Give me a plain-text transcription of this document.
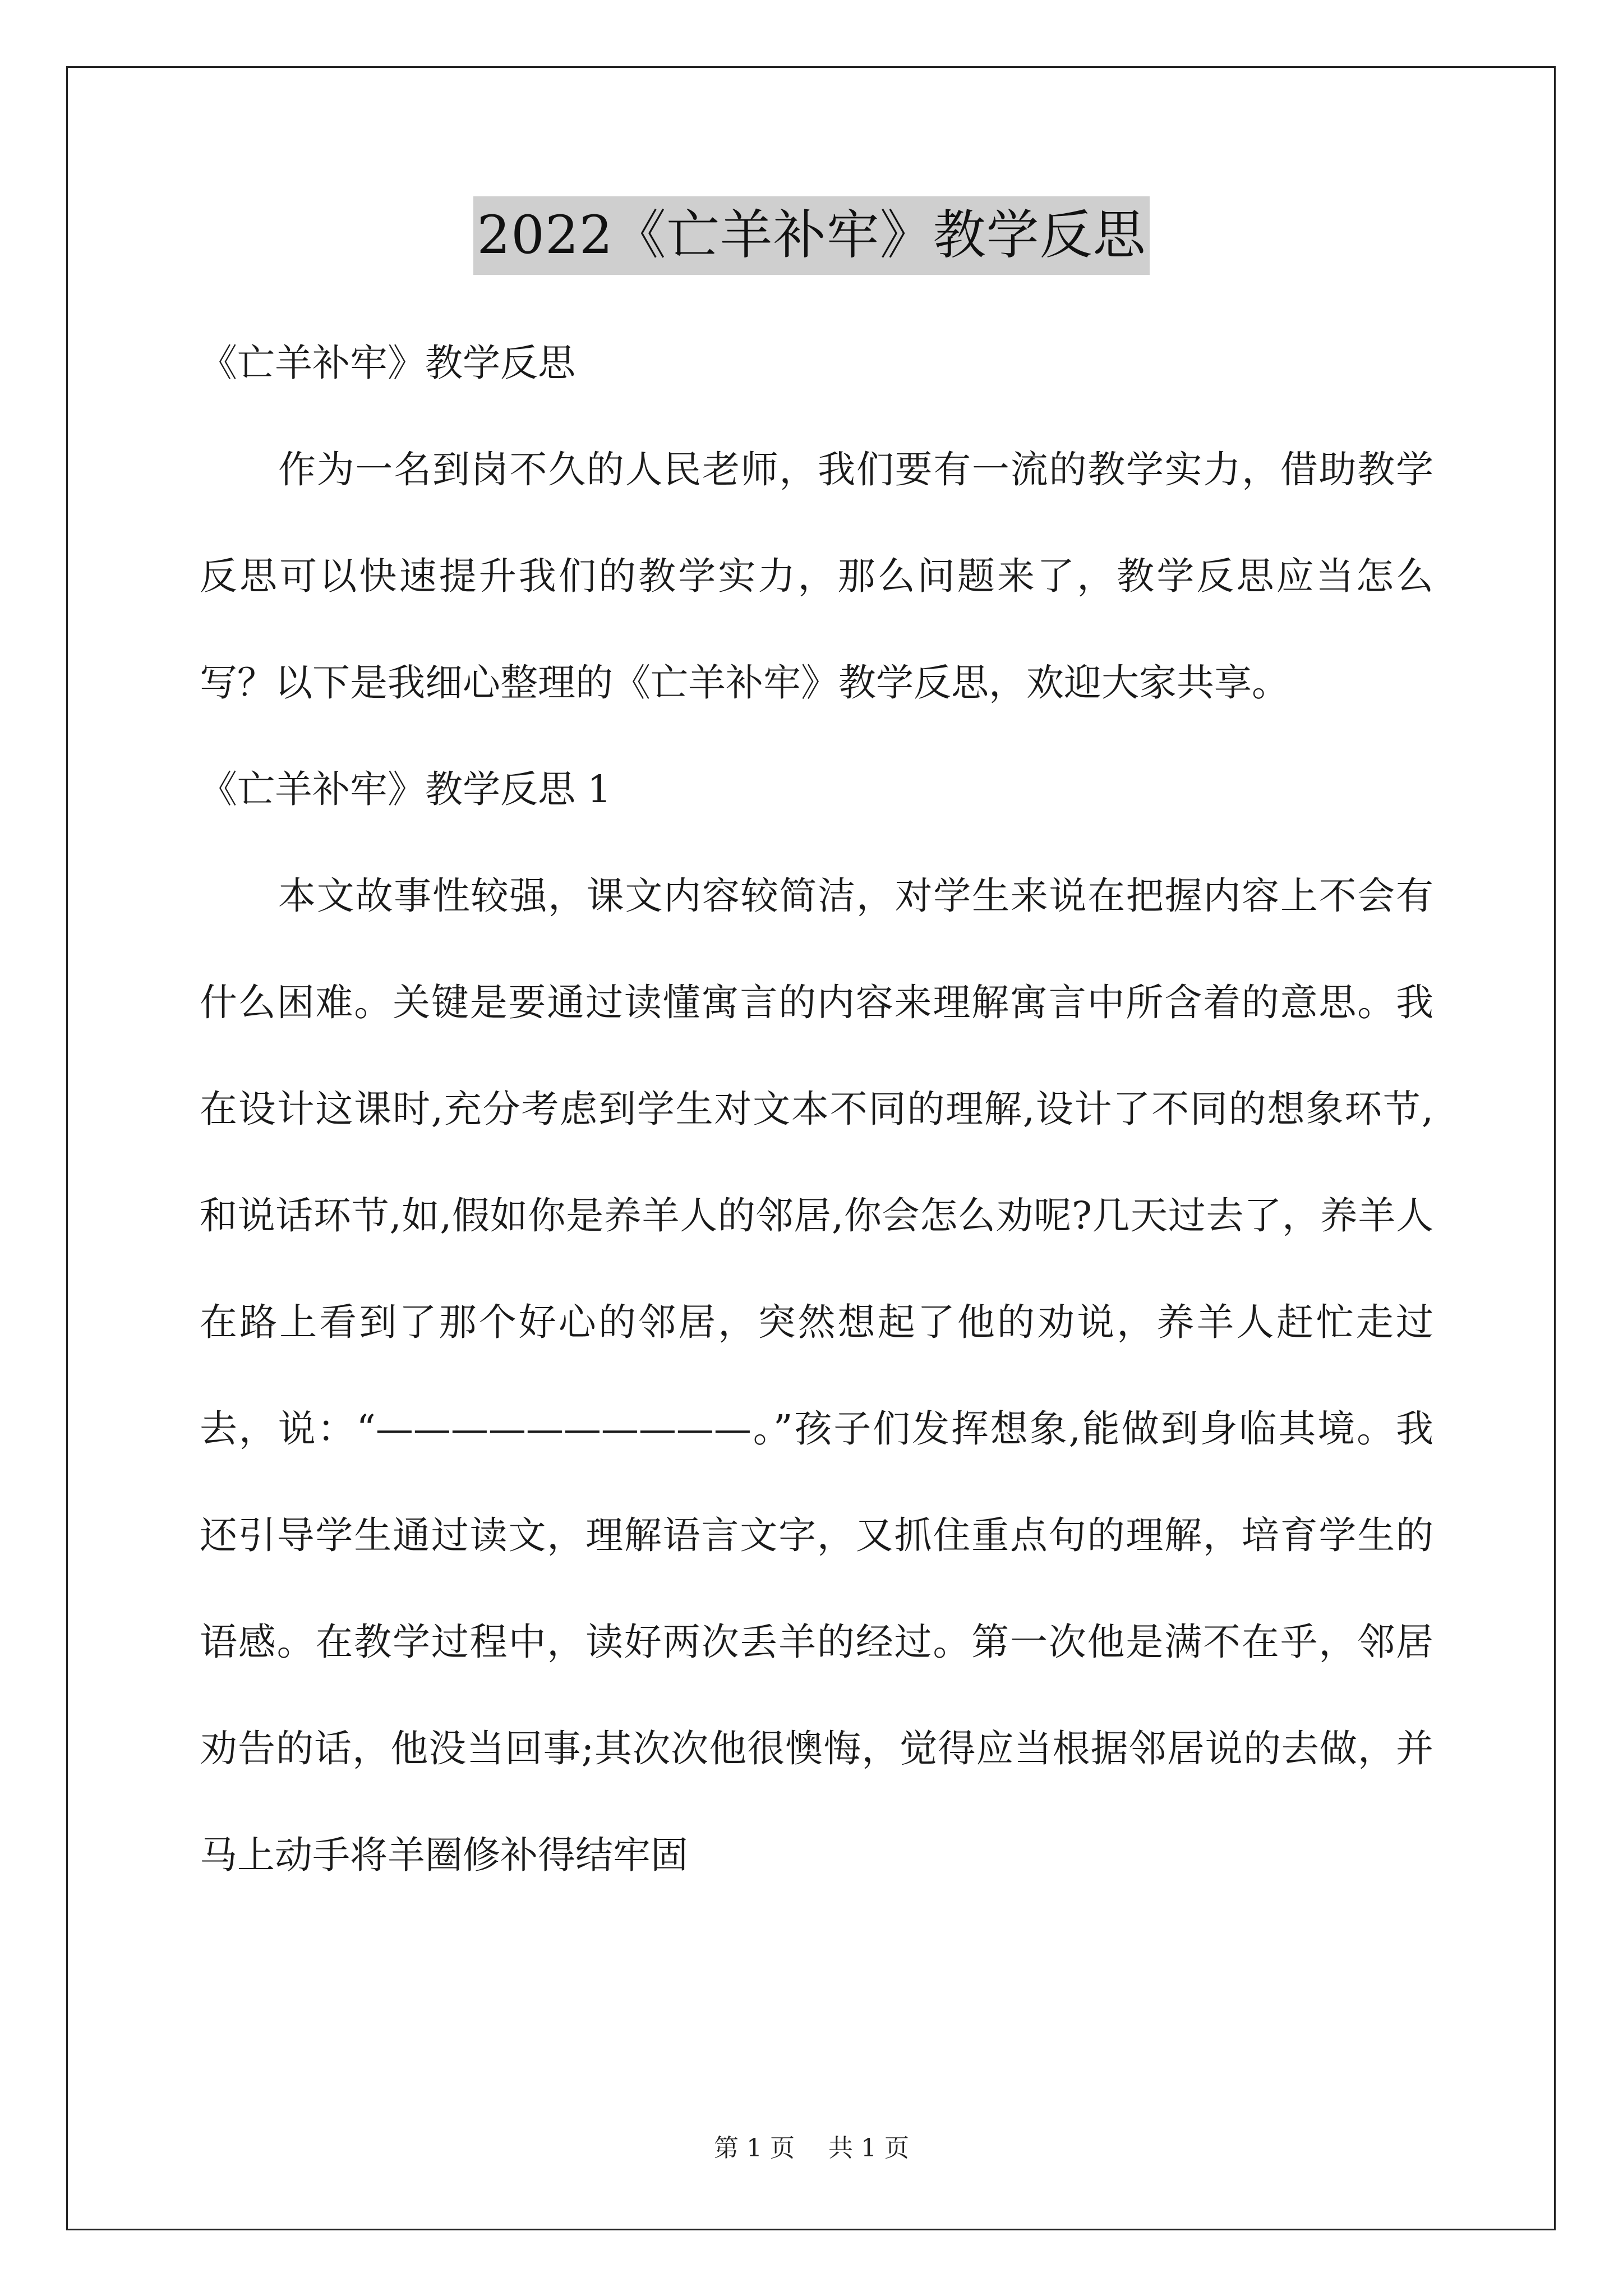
2022《亡羊补牢》教学反思

《亡羊补牢》教学反思

作为一名到岗不久的人民老师，我们要有一流的教学实力，借助教学反思可以快速提升我们的教学实力，那么问题来了，教学反思应当怎么写？以下是我细心整理的《亡羊补牢》教学反思，欢迎大家共享。

《亡羊补牢》教学反思 1

本文故事性较强，课文内容较简洁，对学生来说在把握内容上不会有什么困难。关键是要通过读懂寓言的内容来理解寓言中所含着的意思。我在设计这课时,充分考虑到学生对文本不同的理解,设计了不同的想象环节,和说话环节,如,假如你是养羊人的邻居,你会怎么劝呢?几天过去了，养羊人在路上看到了那个好心的邻居，突然想起了他的劝说，养羊人赶忙走过去，说：“——————————。”孩子们发挥想象,能做到身临其境。我还引导学生通过读文，理解语言文字，又抓住重点句的理解，培育学生的语感。在教学过程中，读好两次丢羊的经过。第一次他是满不在乎，邻居劝告的话，他没当回事;其次次他很懊悔，觉得应当根据邻居说的去做，并马上动手将羊圈修补得结牢固

第 1 页 共 1 页
